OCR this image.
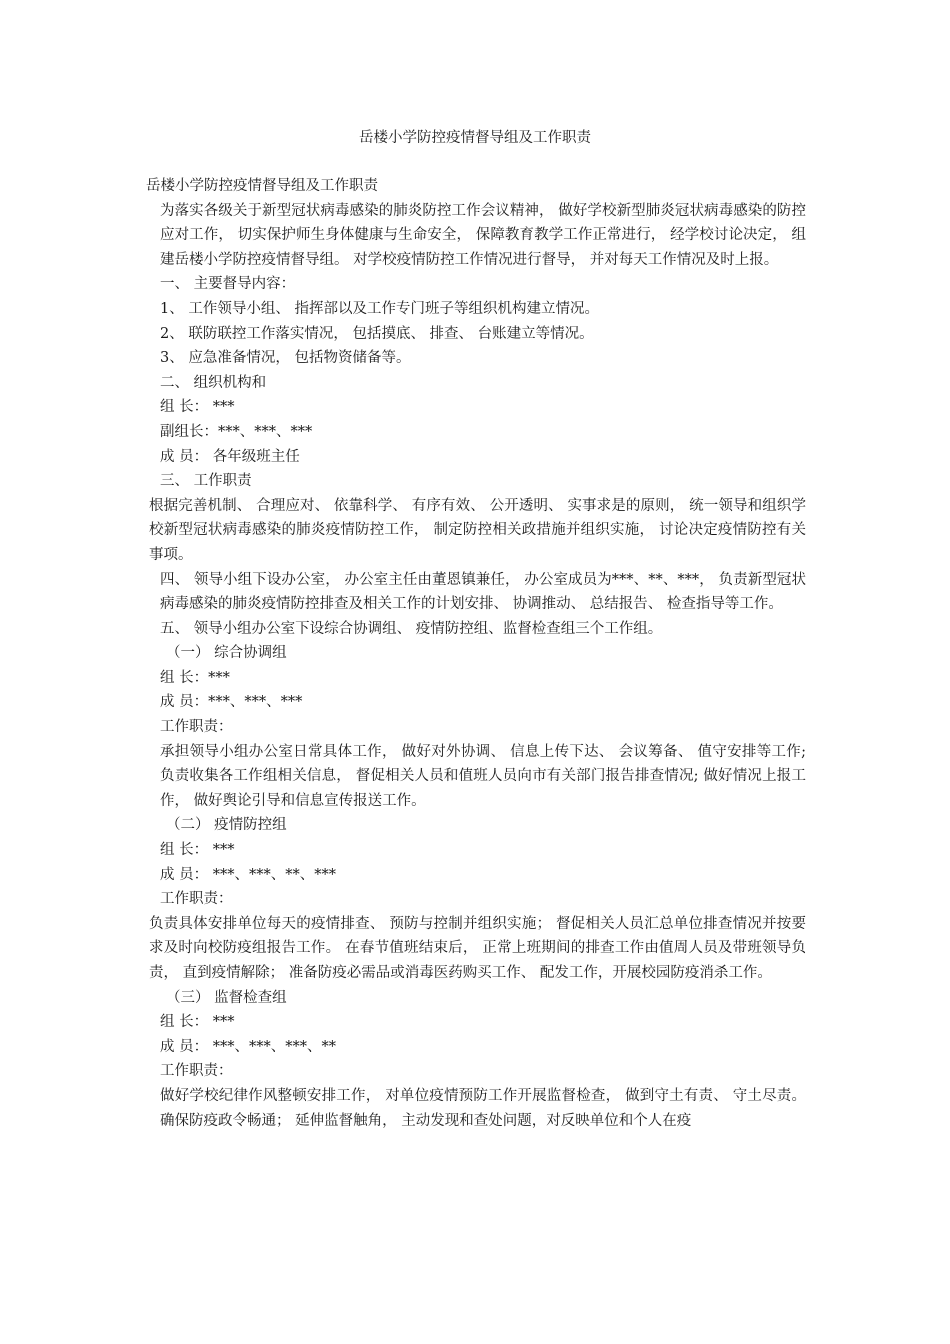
岳楼小学防控疫情督导组及工作职责
岳楼小学防控疫情督导组及工作职责
为落实各级关于新型冠状病毒感染的肺炎防控工作会议精神， 做好学校新型肺炎冠状病毒感染的防控应对工作， 切实保护师生身体健康与生命安全， 保障教育教学工作正常进行， 经学校讨论决定， 组建岳楼小学防控疫情督导组。 对学校疫情防控工作情况进行督导， 并对每天工作情况及时上报。
一、 主要督导内容：
1、 工作领导小组、 指挥部以及工作专门班子等组织机构建立情况。
2、 联防联控工作落实情况， 包括摸底、 排查、 台账建立等情况。
3、 应急准备情况， 包括物资储备等。
二、 组织机构和
组 长： ***
副组长：***、***、***
成 员： 各年级班主任
三、 工作职责
根据完善机制、 合理应对、 依靠科学、 有序有效、 公开透明、 实事求是的原则， 统一领导和组织学校新型冠状病毒感染的肺炎疫情防控工作， 制定防控相关政措施并组织实施， 讨论决定疫情防控有关事项。
四、 领导小组下设办公室， 办公室主任由董恩镇兼任， 办公室成员为***、**、***， 负责新型冠状病毒感染的肺炎疫情防控排查及相关工作的计划安排、 协调推动、 总结报告、 检查指导等工作。
五、 领导小组办公室下设综合协调组、 疫情防控组、监督检查组三个工作组。
（一） 综合协调组
组 长：***
成 员：***、***、***
工作职责：
承担领导小组办公室日常具体工作， 做好对外协调、 信息上传下达、 会议筹备、 值守安排等工作;负责收集各工作组相关信息， 督促相关人员和值班人员向市有关部门报告排查情况; 做好情况上报工作， 做好舆论引导和信息宣传报送工作。
（二） 疫情防控组
组 长： ***
成 员： ***、***、**、***
工作职责：
负责具体安排单位每天的疫情排查、 预防与控制并组织实施； 督促相关人员汇总单位排查情况并按要求及时向校防疫组报告工作。 在春节值班结束后， 正常上班期间的排查工作由值周人员及带班领导负责， 直到疫情解除； 准备防疫必需品或消毒医药购买工作、 配发工作，开展校园防疫消杀工作。
（三） 监督检查组
组 长： ***
成 员： ***、***、***、**
工作职责：
做好学校纪律作风整顿安排工作， 对单位疫情预防工作开展监督检查， 做到守土有责、 守土尽责。 确保防疫政令畅通； 延伸监督触角， 主动发现和查处问题，对反映单位和个人在疫
